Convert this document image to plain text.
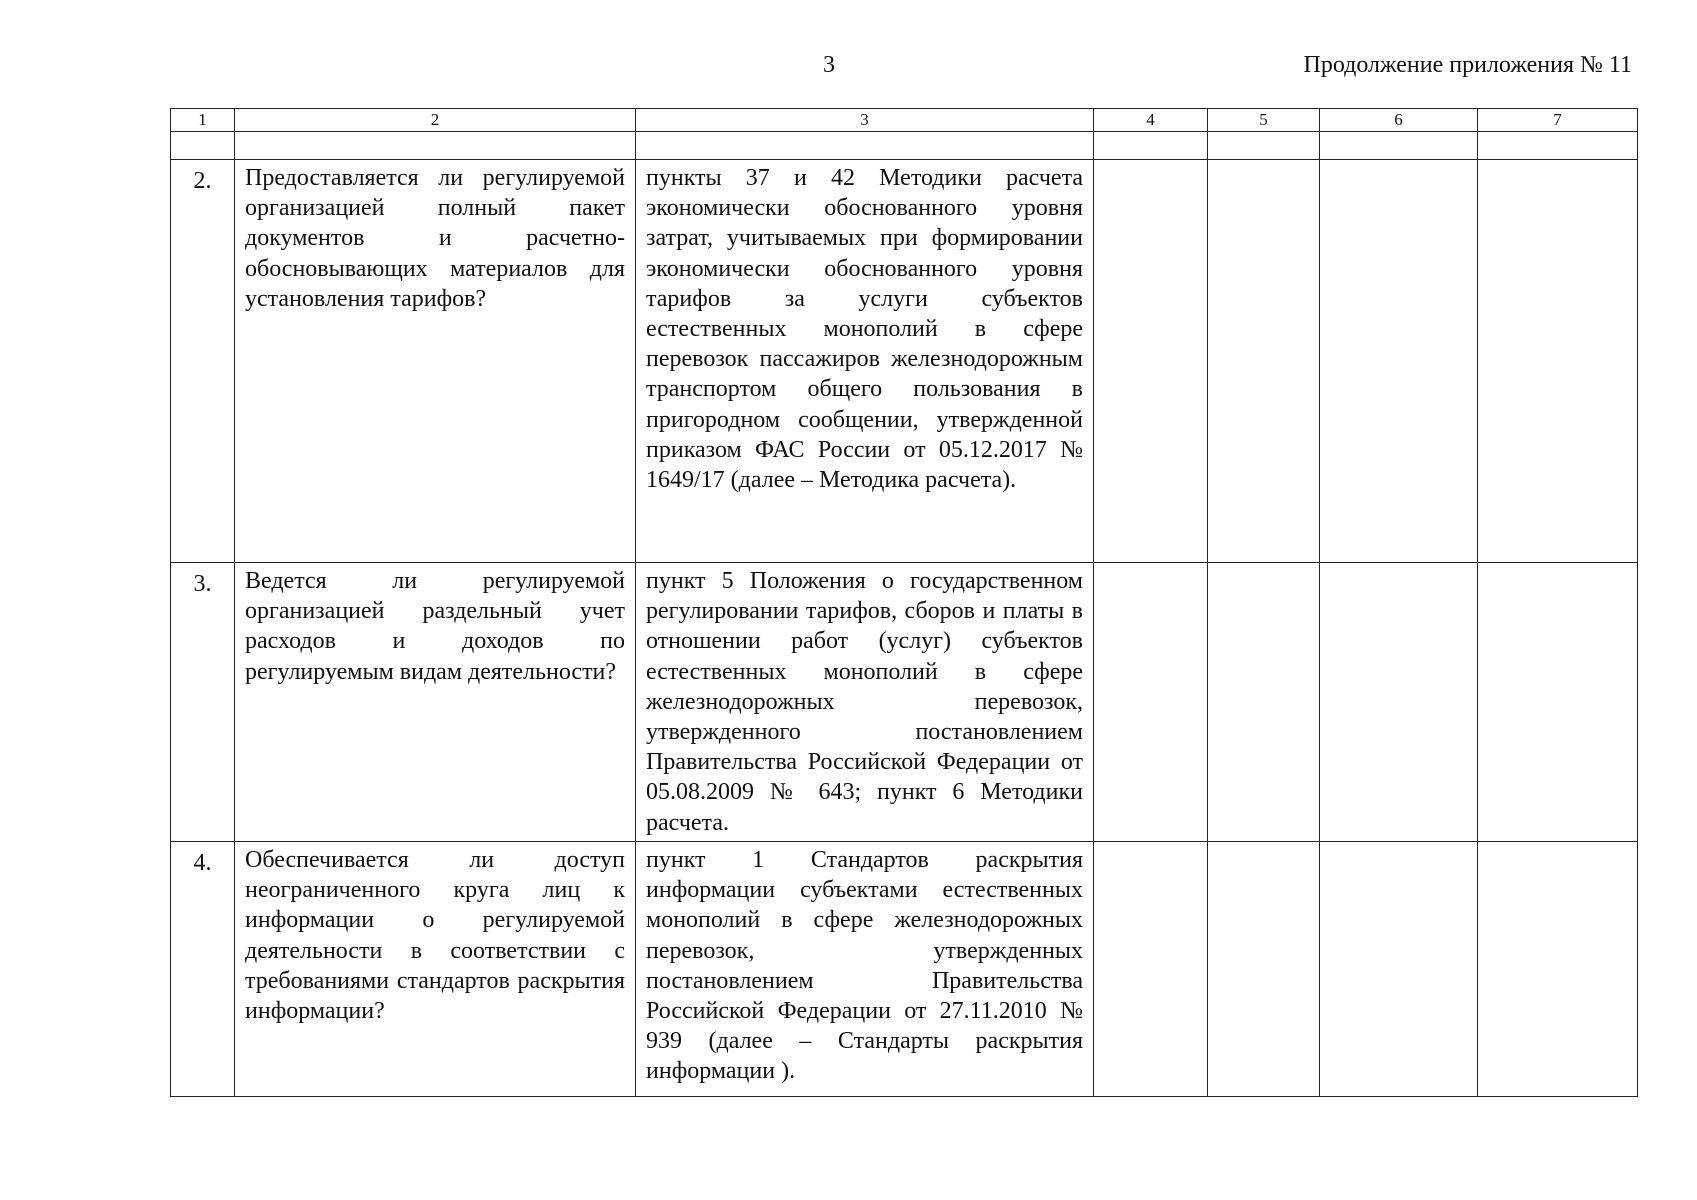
3	Продолжение приложения № 11
1	2	3	4	5	6	7

2.	Предоставляется ли регулируемой организацией полный пакет документов и расчетно-обосновывающих материалов для установления тарифов?	пункты 37 и 42 Методики расчета экономически обоснованного уровня затрат, учитываемых при формировании экономически обоснованного уровня тарифов за услуги субъектов естественных монополий в сфере перевозок пассажиров железнодорожным транспортом общего пользования в пригородном сообщении, утвержденной приказом ФАС России от 05.12.2017 № 1649/17 (далее – Методика расчета).				
3.	Ведется ли регулируемой организацией раздельный учет расходов и доходов по регулируемым видам деятельности?	пункт 5 Положения о государственном регулировании тарифов, сборов и платы в отношении работ (услуг) субъектов естественных монополий в сфере железнодорожных перевозок, утвержденного постановлением Правительства Российской Федерации от 05.08.2009 № 643; пункт 6 Методики расчета.				
4.	Обеспечивается ли доступ неограниченного круга лиц к информации о регулируемой деятельности в соответствии с требованиями стандартов раскрытия информации?	пункт 1 Стандартов раскрытия информации субъектами естественных монополий в сфере железнодорожных перевозок, утвержденных постановлением Правительства Российской Федерации от 27.11.2010 № 939 (далее – Стандарты раскрытия информации ).				
